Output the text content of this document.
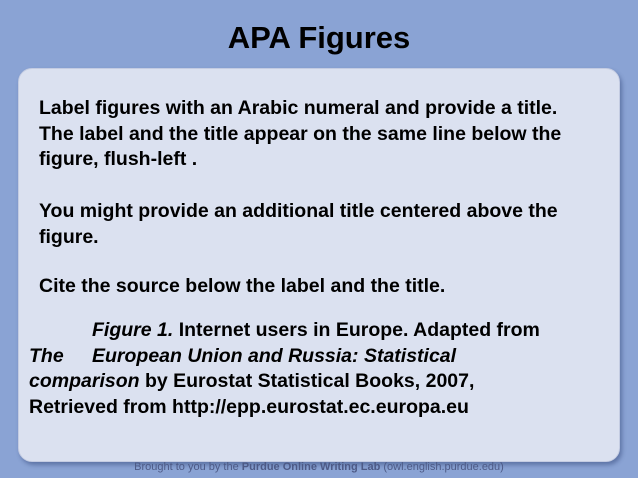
APA Figures
Label figures with an Arabic numeral and provide a title. The label and the title appear on the same line below the figure, flush-left .
You might provide an additional title centered above the figure.
Cite the source below the label and the title.
Figure 1. Internet users in Europe. Adapted from
The European Union and Russia: Statistical
comparison by Eurostat Statistical Books, 2007,
Retrieved from http://epp.eurostat.ec.europa.eu
Brought to you by the Purdue Online Writing Lab (owl.english.purdue.edu)
